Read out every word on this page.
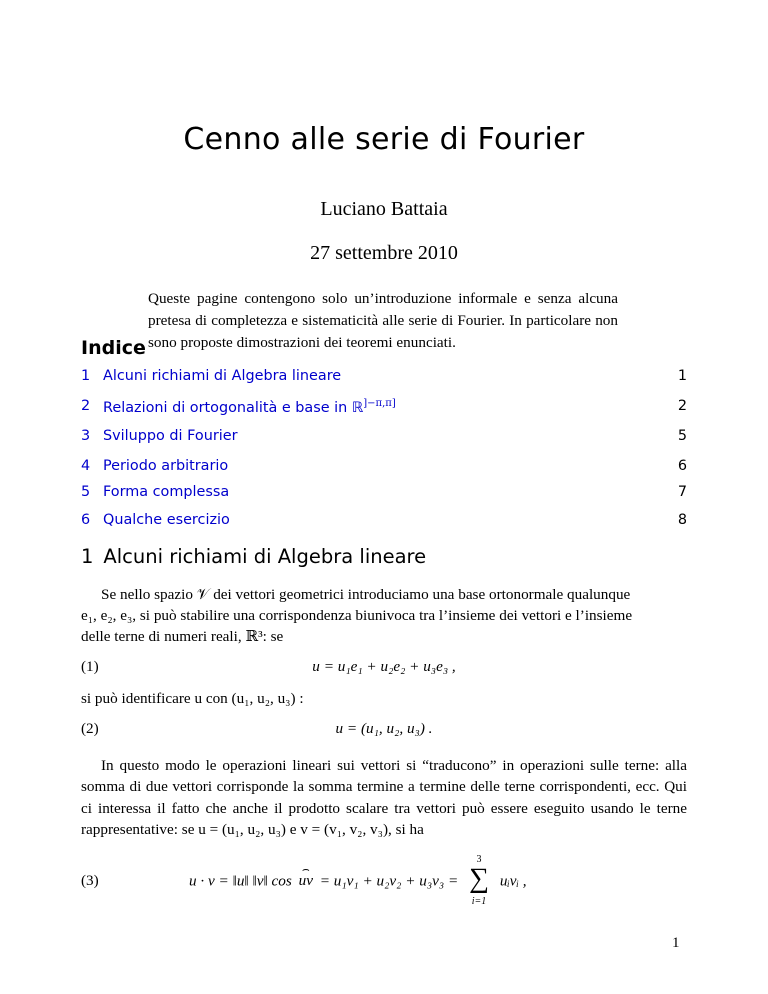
Cenno alle serie di Fourier
Luciano Battaia
27 settembre 2010
Queste pagine contengono solo un’introduzione informale e senza alcuna pretesa di completezza e sistematicità alle serie di Fourier. In particolare non sono proposte dimostrazioni dei teoremi enunciati.
Indice
1 Alcuni richiami di Algebra lineare	1
2 Relazioni di ortogonalità e base in ℝ$^{]-\pi,\pi]}$	2
3 Sviluppo di Fourier	5
4 Periodo arbitrario	6
5 Forma complessa	7
6 Qualche esercizio	8
1 Alcuni richiami di Algebra lineare
Se nello spazio 𝒱 dei vettori geometrici introduciamo una base ortonormale qualunque
e₁, e₂, e₃, si può stabilire una corrispondenza biunivoca tra l’insieme dei vettori e l’insieme
delle terne di numeri reali, ℝ³: se
(1)	u = u₁e₁ + u₂e₂ + u₃e₃ ,
si può identificare u con (u₁, u₂, u₃) :
(2)	u = (u₁, u₂, u₃) .
In questo modo le operazioni lineari sui vettori si “traducono” in operazioni sulle terne: alla somma di due vettori corrisponde la somma termine a termine delle terne corrispondenti, ecc. Qui ci interessa il fatto che anche il prodotto scalare tra vettori può essere eseguito usando le terne rappresentative: se u = (u₁, u₂, u₃) e v = (v₁, v₂, v₃), si ha
(3)	u · v = ‖u‖ ‖v‖ cos
⌢
uv = u₁v₁ + u₂v₂ + u₃v₃ =
3
∑
i=1
uᵢvᵢ ,
1
